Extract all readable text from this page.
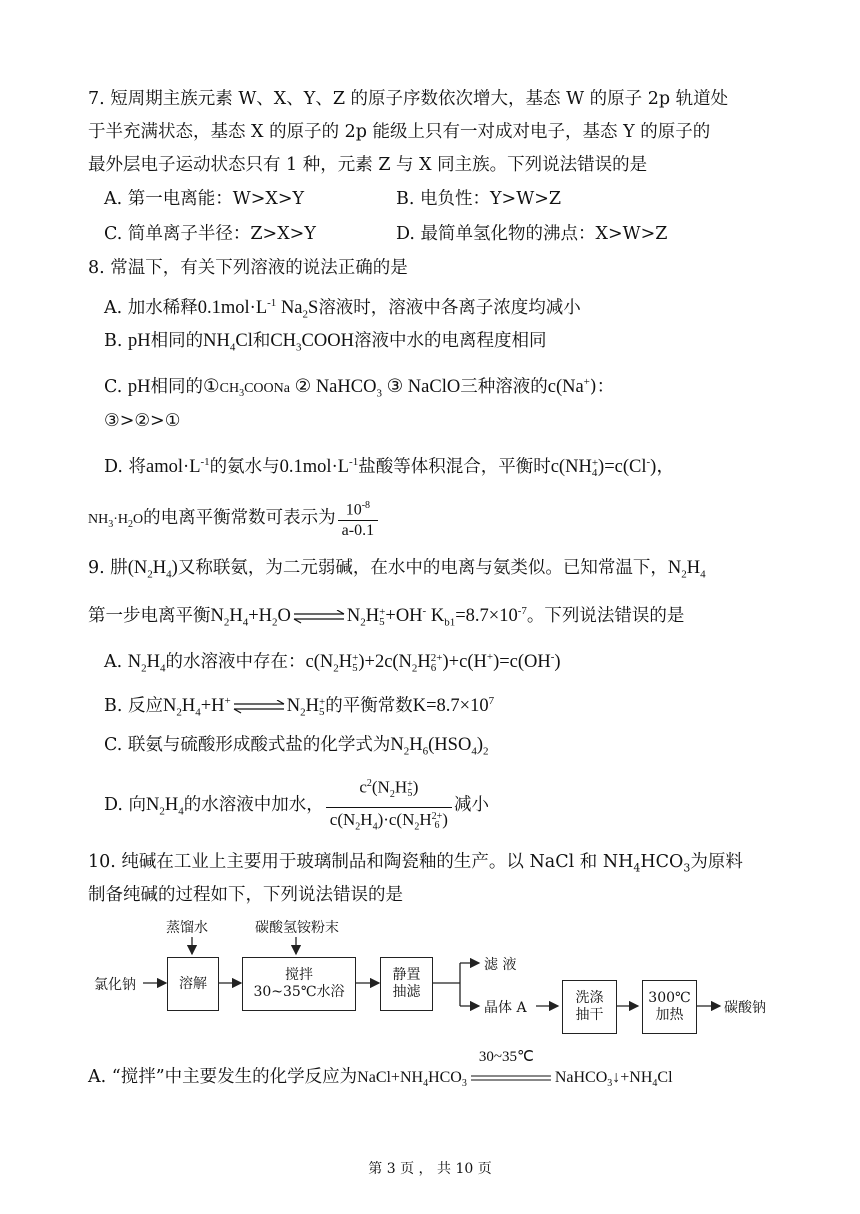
7. 短周期主族元素 W、X、Y、Z 的原子序数依次增大，基态 W 的原子 2p 轨道处
于半充满状态，基态 X 的原子的 2p 能级上只有一对成对电子，基态 Y 的原子的
最外层电子运动状态只有 1 种，元素 Z 与 X 同主族。下列说法错误的是
A. 第一电离能：W>X>Y	B. 电负性：Y>W>Z
C. 简单离子半径：Z>X>Y	D. 最简单氢化物的沸点：X>W>Z
8. 常温下，有关下列溶液的说法正确的是
A. 加水稀释$0.1mol\cdot L^{-1}$ $Na_2S$溶液时，溶液中各离子浓度均减小
B. pH相同的$NH_4Cl$和$CH_3COOH$溶液中水的电离程度相同
C. pH相同的$①CH_3COONa$ ② NaHCO$_3$ ③ NaClO三种溶液的c(Na+)：
③>②>①
D. 将$amol\cdot L^{-1}$的氨水与$0.1mol\cdot L^{-1}$盐酸等体积混合，平衡时c(NH +
4 )=c(Cl-)，
$NH_3\cdot H_2O$的电离平衡常数可表示为 $\frac{10^{-8}}{a-0.1}$
9. 肼$(N_2H_4)$又称联氨，为二元弱碱，在水中的电离与氨类似。已知常温下，$N_2H_4$
第一步电离平衡$N_2H_4+H_2O$ ⇌ $N_2H$ +
5 +OH- $K_{b1}=8.7\times 10^{-7}$。下列说法错误的是
A. $N_2H_4$的水溶液中存在：$c(N_2H$ +
5 )$+2c(N_2H$ 2+
6 )+c(H+)=c(OH-)
B. 反应$N_2H_4+H^+$ ⇌ $N_2H$ +
5 的平衡常数$K=8.7\times 10^7$
C. 联氨与硫酸形成酸式盐的化学式为$N_2H_6(HSO_4)_2$
D. 向$N_2H_4$的水溶液中加水， $c^2(N_2H$ +
5 )
$c(N_2H_4)\cdot c(N_2H$ 2+
6 ) 减小
10. 纯碱在工业上主要用于玻璃制品和陶瓷釉的生产。以 NaCl 和 $NH_4HCO_3$为原料
制备纯碱的过程如下，下列说法错误的是
蒸馏水	碳酸氢铵粉末
氯化钠	溶解
搅拌
30~35℃水浴
静置
抽滤
滤 液
晶体 A
洗涤
抽干
300℃
加热	碳酸钠
A. “搅拌”中主要发生的化学反应为$NaCl+NH_4HCO_3$
30~35℃
$NaHCO_3↓+NH_4Cl$
第 3 页 ， 共 10 页
